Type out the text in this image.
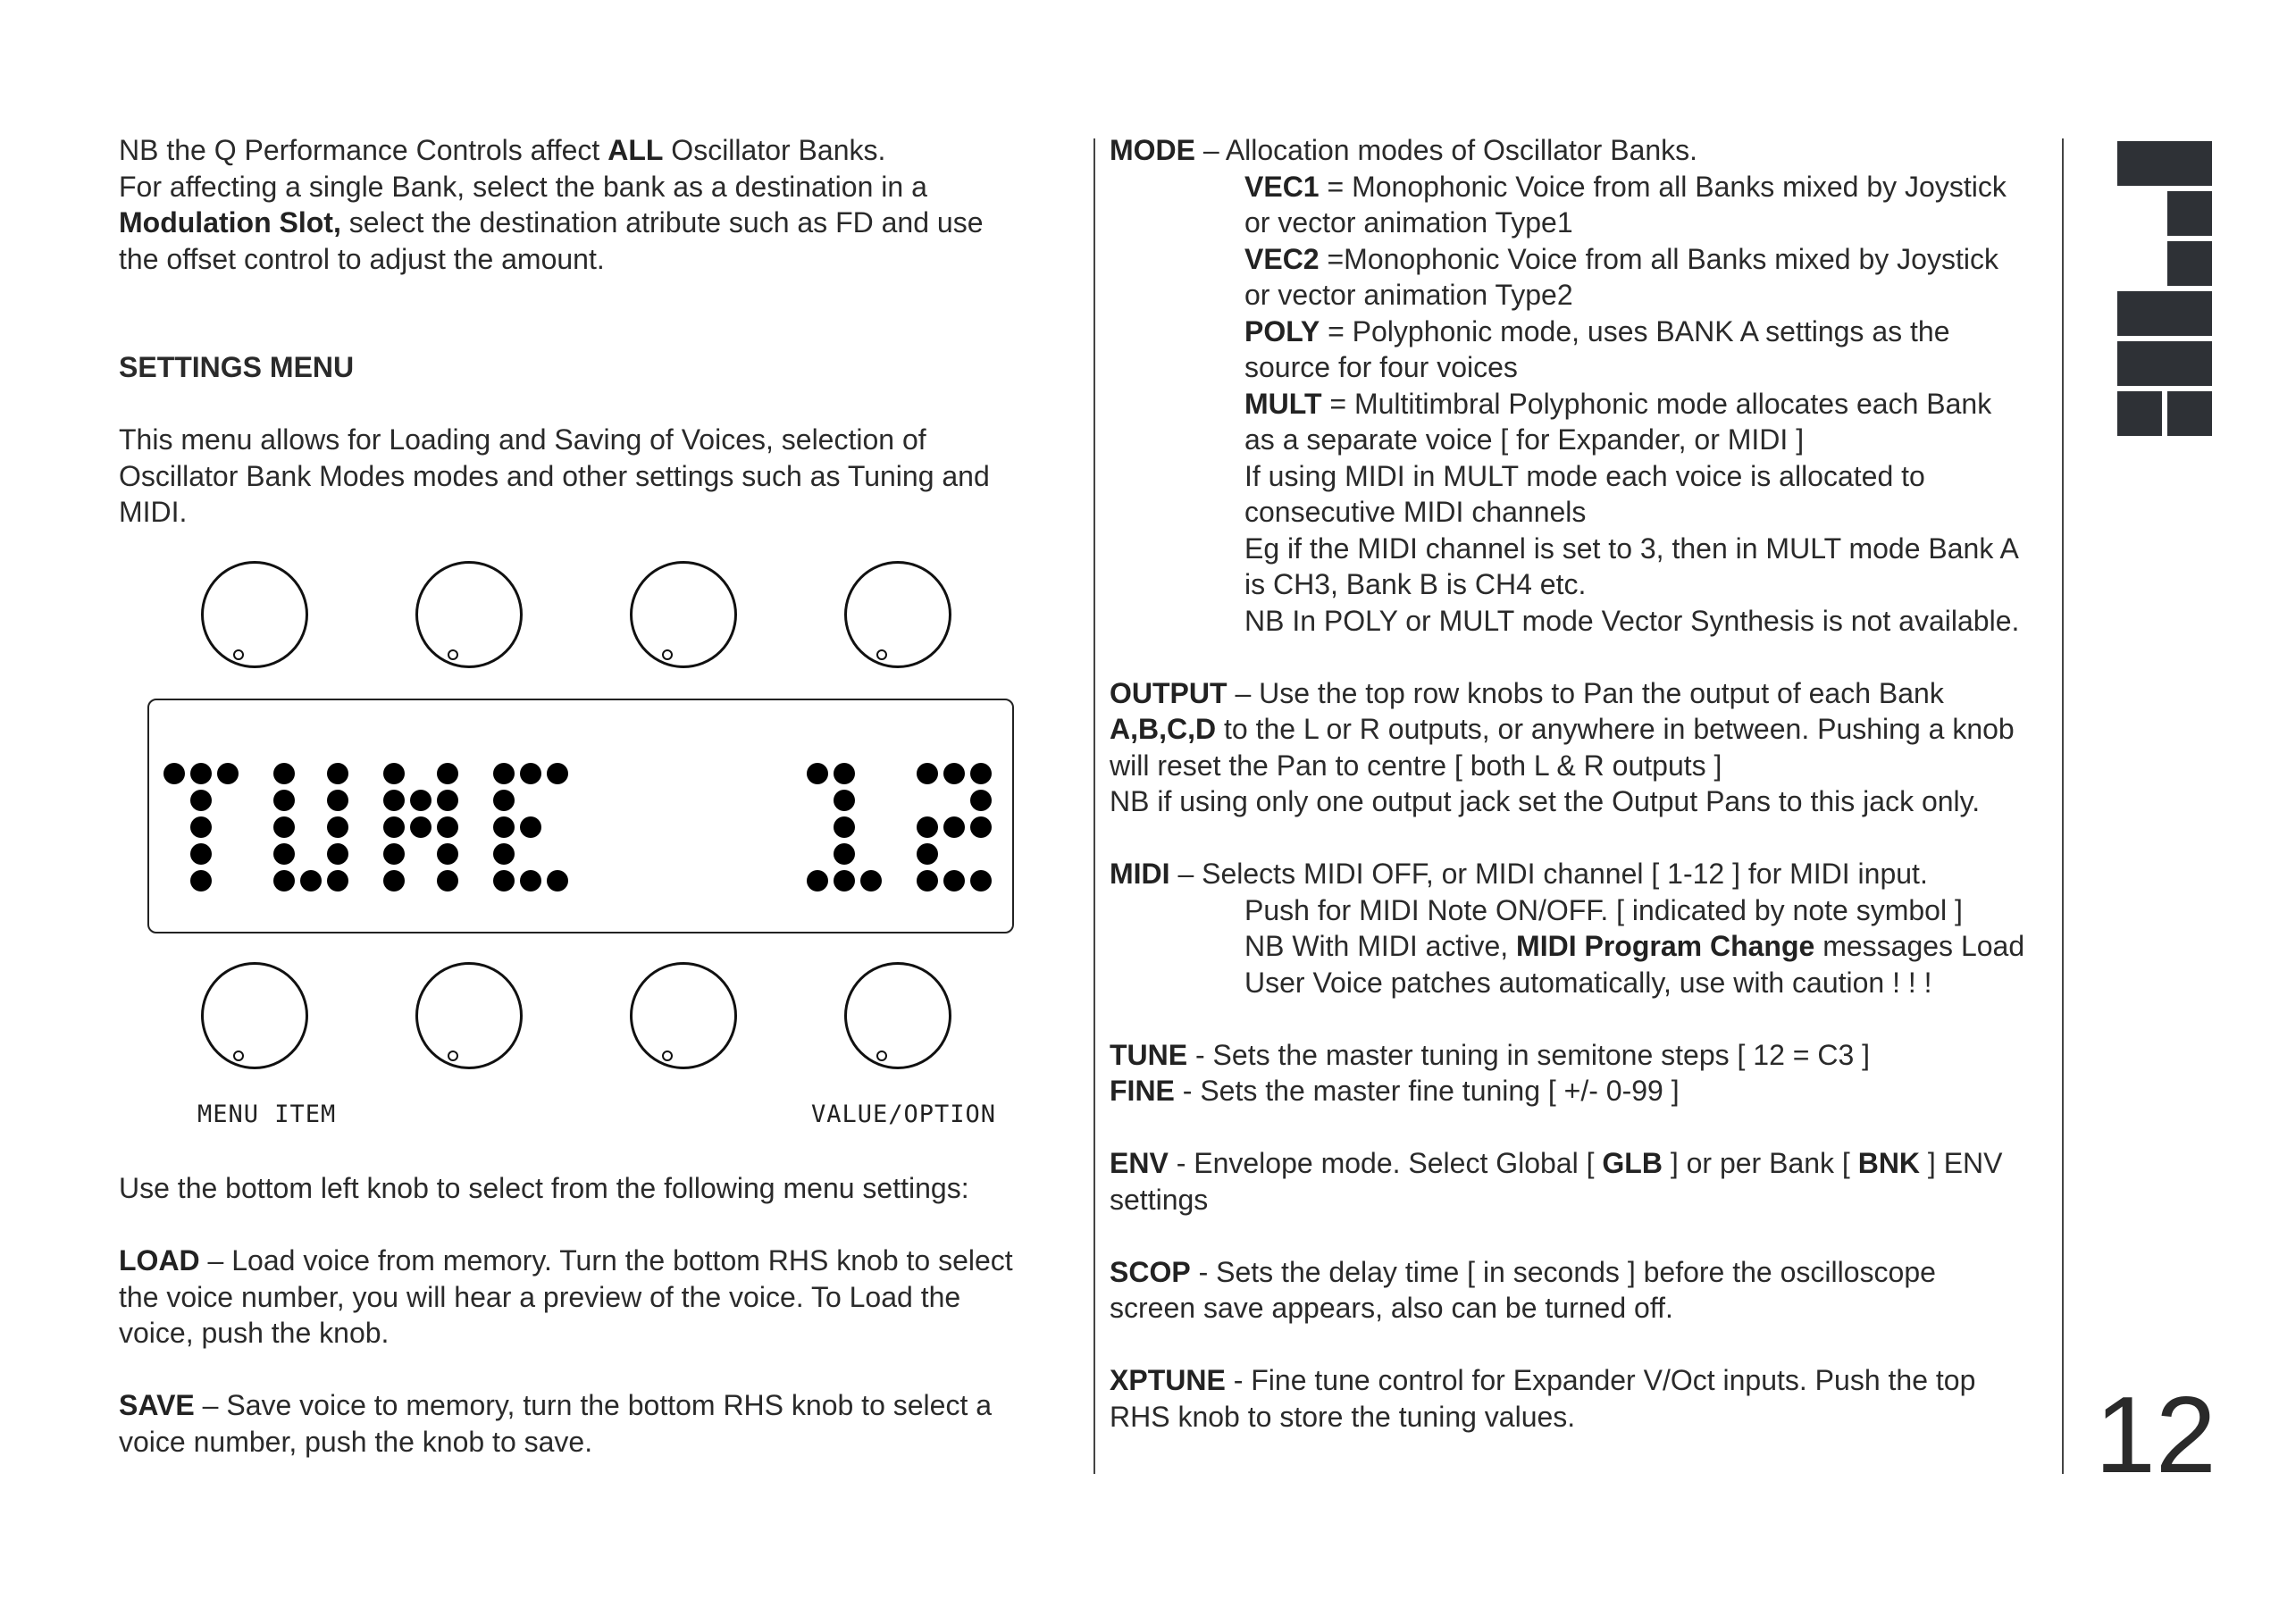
NB the Q Performance Controls affect ALL Oscillator Banks.

For affecting a single Bank, select the bank as a destination in a

Modulation Slot, select the destination atribute such as FD and use

the offset control to adjust the amount.

SETTINGS MENU

This menu allows for Loading and Saving of Voices, selection of

Oscillator Bank Modes modes and other settings such as Tuning and

MIDI.

MENU ITEM	VALUE/OPTION

Use the bottom left knob to select from the following menu settings:

LOAD – Load voice from memory. Turn the bottom RHS knob to select

the voice number, you will hear a preview of the voice. To Load the

voice, push the knob.

SAVE – Save voice to memory, turn the bottom RHS knob to select a

voice number, push the knob to save.

MODE – Allocation modes of Oscillator Banks.

VEC1 = Monophonic Voice from all Banks mixed by Joystick

or vector animation Type1

VEC2 =Monophonic Voice from all Banks mixed by Joystick

or vector animation Type2

POLY = Polyphonic mode, uses BANK A settings as the

source for four voices

MULT = Multitimbral Polyphonic mode allocates each Bank

as a separate voice [ for Expander, or MIDI ]

If using MIDI in MULT mode each voice is allocated to

consecutive MIDI channels

Eg if the MIDI channel is set to 3, then in MULT mode Bank A

is CH3, Bank B is CH4 etc.

NB In POLY or MULT mode Vector Synthesis is not available.

OUTPUT – Use the top row knobs to Pan the output of each Bank

A,B,C,D to the L or R outputs, or anywhere in between. Pushing a knob

will reset the Pan to centre [ both L & R outputs ]

NB if using only one output jack set the Output Pans to this jack only.

MIDI – Selects MIDI OFF, or MIDI channel [ 1-12 ] for MIDI input.

Push for MIDI Note ON/OFF. [ indicated by note symbol ]

NB With MIDI active, MIDI Program Change messages Load

User Voice patches automatically, use with caution ! ! !

TUNE - Sets the master tuning in semitone steps [ 12 = C3 ]

FINE - Sets the master fine tuning [ +/- 0-99 ]

ENV - Envelope mode. Select Global [ GLB ] or per Bank [ BNK ] ENV

settings

SCOP - Sets the delay time [ in seconds ] before the oscilloscope

screen save appears, also can be turned off.

XPTUNE - Fine tune control for Expander V/Oct inputs. Push the top

RHS knob to store the tuning values.	12
